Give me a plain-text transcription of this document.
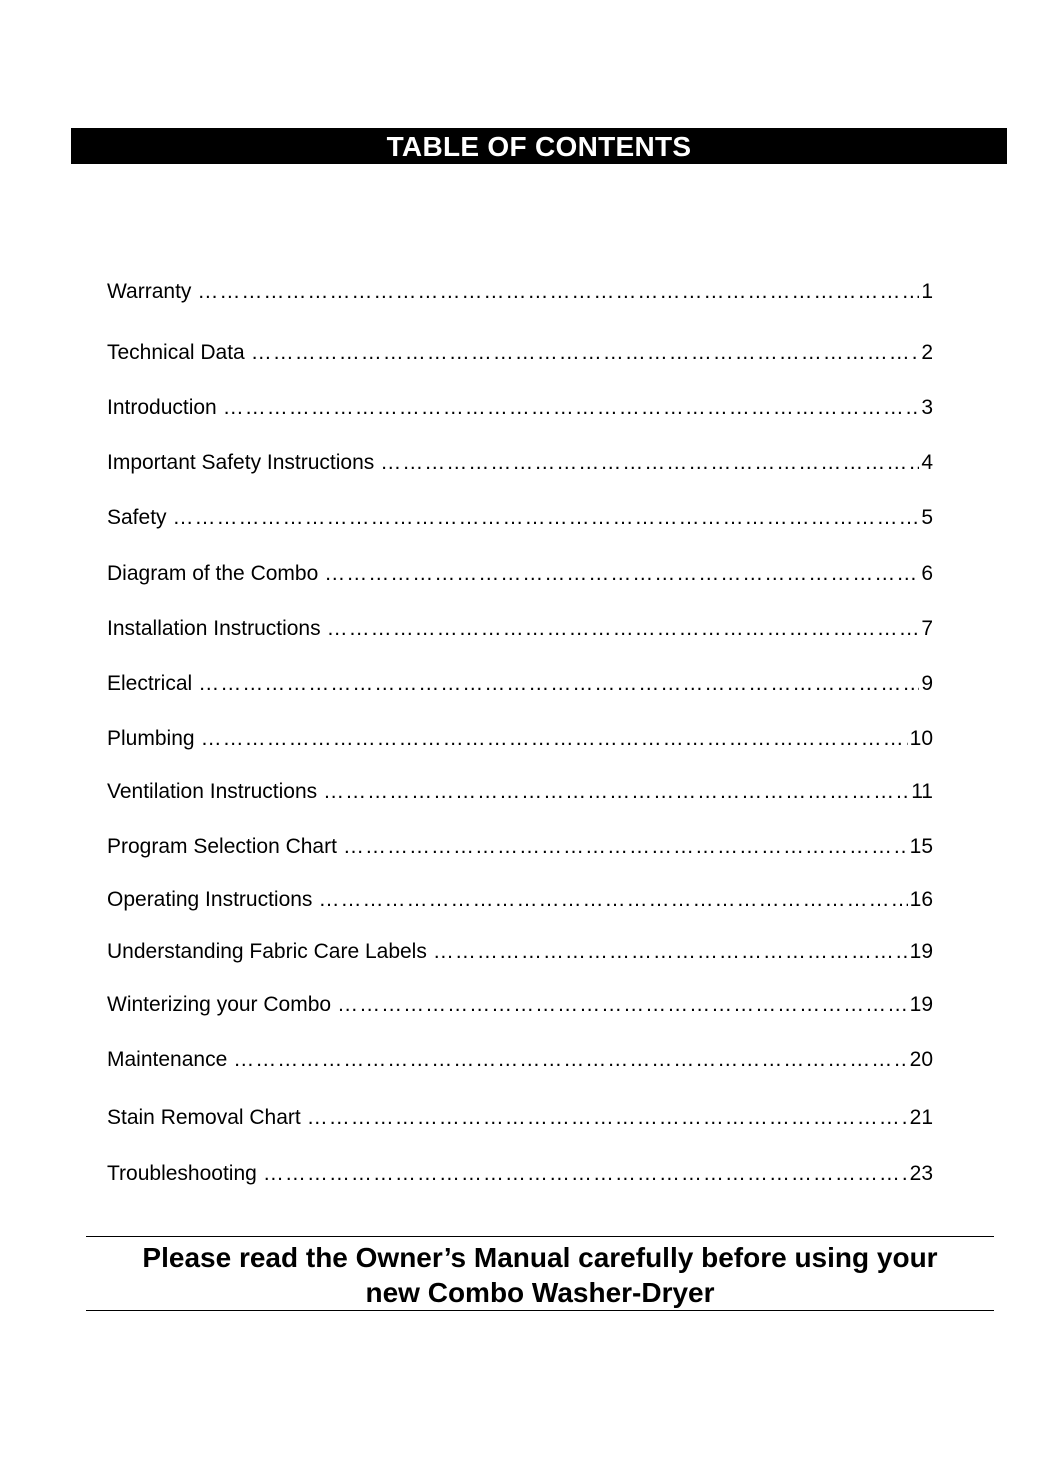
TABLE OF CONTENTS
Warranty ……………………………………………………………………………………………………………………………………………………………	1
Technical Data ……………………………………………………………………………………………………………………………………………………………	2
Introduction ……………………………………………………………………………………………………………………………………………………………	3
Important Safety Instructions ……………………………………………………………………………………………………………………………………………………………	4
Safety ……………………………………………………………………………………………………………………………………………………………	5
Diagram of the Combo ……………………………………………………………………………………………………………………………………………………………	6
Installation Instructions ……………………………………………………………………………………………………………………………………………………………	7
Electrical ……………………………………………………………………………………………………………………………………………………………	9
Plumbing ……………………………………………………………………………………………………………………………………………………………	10
Ventilation Instructions ……………………………………………………………………………………………………………………………………………………………	11
Program Selection Chart ……………………………………………………………………………………………………………………………………………………………	15
Operating Instructions ……………………………………………………………………………………………………………………………………………………………	16
Understanding Fabric Care Labels ……………………………………………………………………………………………………………………………………………………………	19
Winterizing your Combo ……………………………………………………………………………………………………………………………………………………………	19
Maintenance ……………………………………………………………………………………………………………………………………………………………	20
Stain Removal Chart ……………………………………………………………………………………………………………………………………………………………	21
Troubleshooting ……………………………………………………………………………………………………………………………………………………………	23
Please read the Owner’s Manual carefully before using your
new Combo Washer-Dryer
